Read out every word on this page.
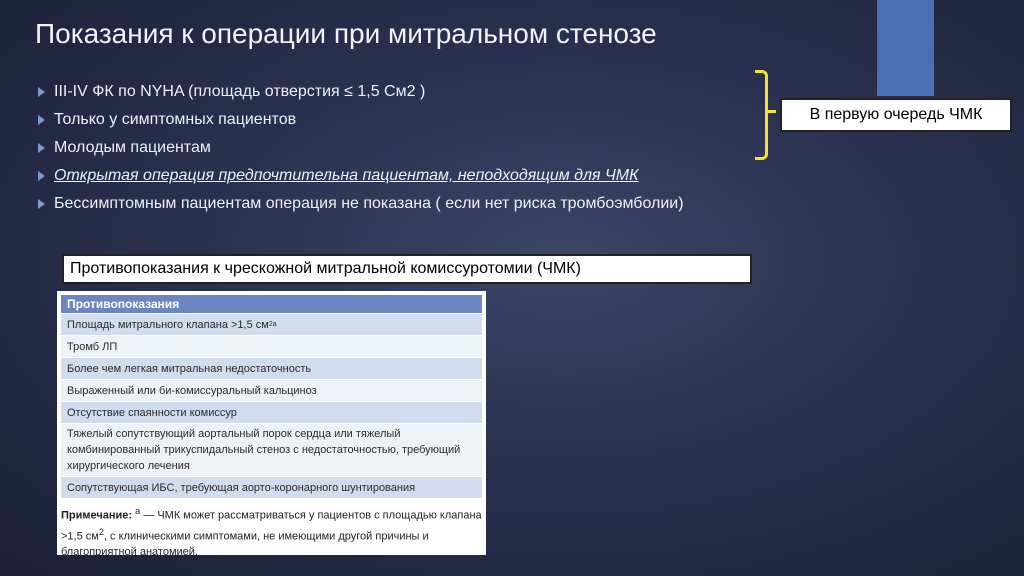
Показания к операции при митральном стенозе
III-IV ФК по NYHA (площадь отверстия ≤ 1,5 См2 )
Только у симптомных пациентов
Молодым пациентам
Открытая операция предпочтительна пациентам, неподходящим для ЧМК
Бессимптомным пациентам операция не показана ( если нет риска тромбоэмболии)
В первую очередь ЧМК
Противопоказания к чрескожной митральной комиссуротомии (ЧМК)
Противопоказания
Площадь митрального клапана >1,5 см 2a
Тромб ЛП
Более чем легкая митральная недостаточность
Выраженный или би-комиссуральный кальциноз
Отсутствие спаянности комиссур
Тяжелый сопутствующий аортальный порок сердца или тяжелый комбинированный трикуспидальный стеноз с недостаточностью, требующий хирургического лечения
Сопутствующая ИБС, требующая аорто-коронарного шунтирования
Примечание: $^a$ — ЧМК может рассматриваться у пациентов с площадью клапана >1,5 $см^2$, с клиническими симптомами, не имеющими другой причины и благоприятной анатомией.
